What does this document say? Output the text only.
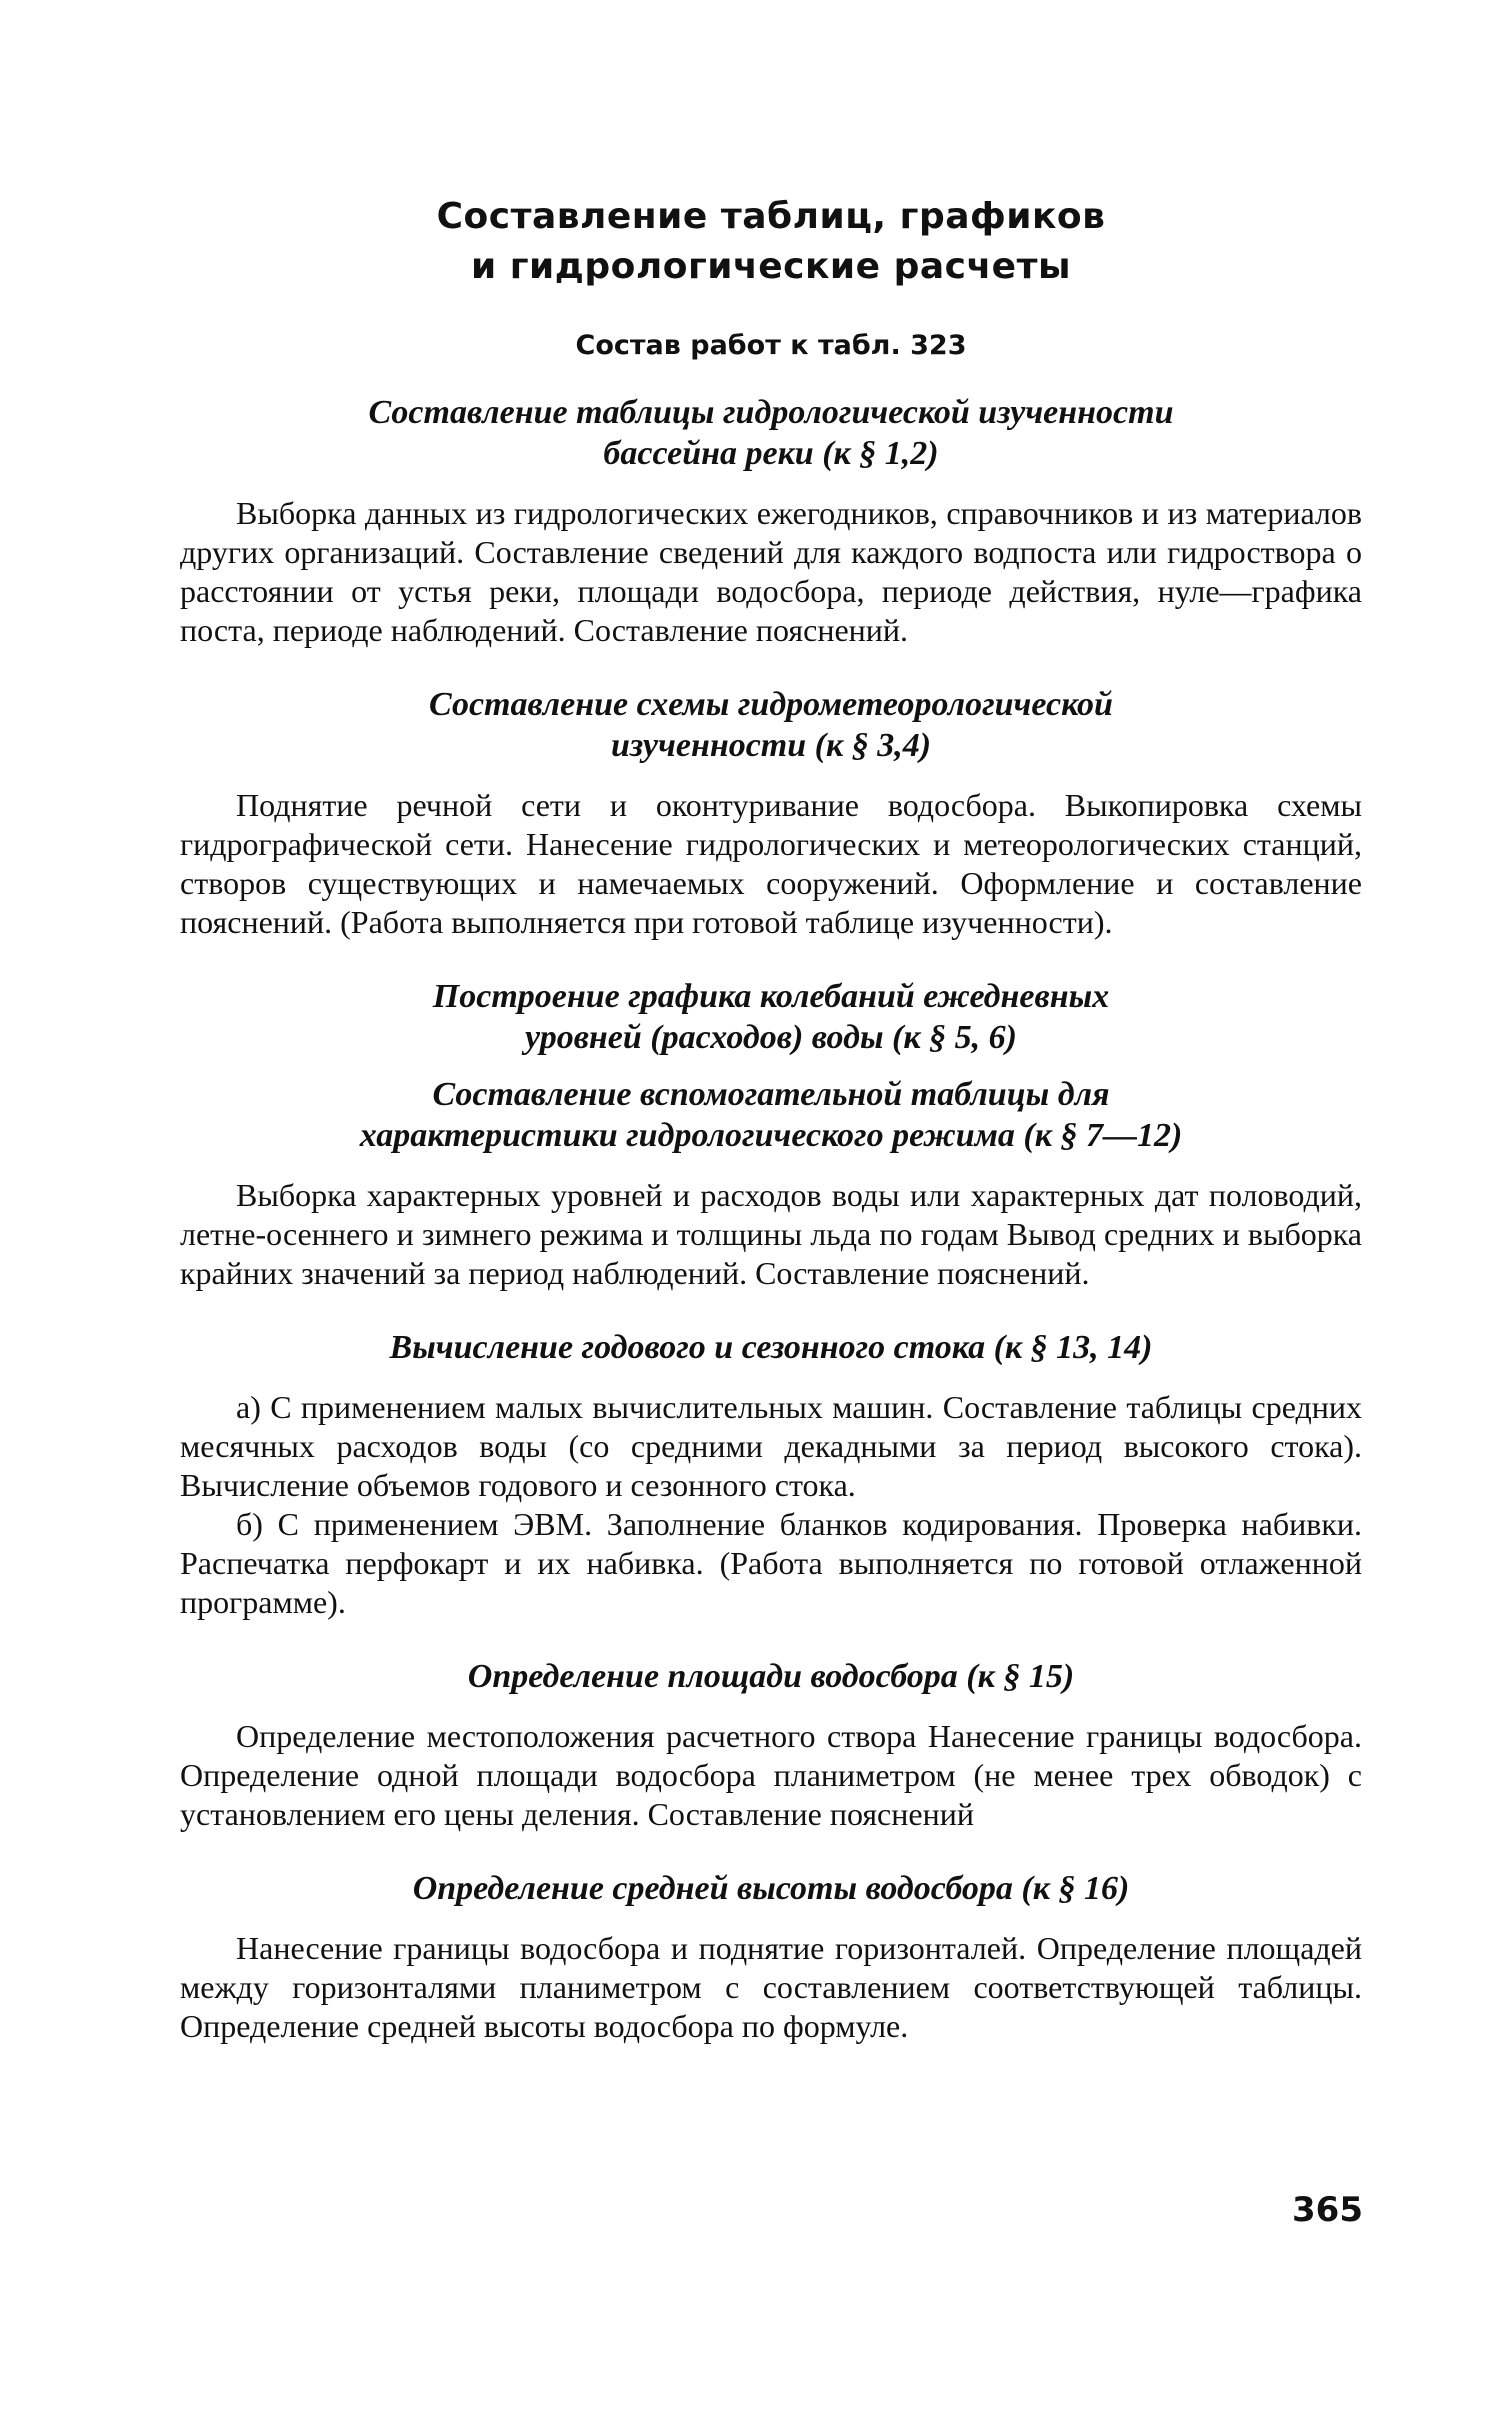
Составление таблиц, графиков
и гидрологические расчеты
Состав работ к табл. 323
Составление таблицы гидрологической изученности
бассейна реки (к § 1,2)

Выборка данных из гидрологических ежегодников, справочников и из материалов других организаций. Составление сведений для каждого водпоста или гидроствора о расстоянии от устья реки, площади водосбора, периоде действия, нуле—графика поста, периоде наблюдений. Составление пояснений.

Составление схемы гидрометеорологической
изученности (к § 3,4)

Поднятие речной сети и оконтуривание водосбора. Выкопировка схемы гидрографической сети. Нанесение гидрологических и метеорологических станций, створов существующих и намечаемых сооружений. Оформление и составление пояснений. (Работа выполняется при готовой таблице изученности).

Построение графика колебаний ежедневных
уровней (расходов) воды (к § 5, 6)
Составление вспомогательной таблицы для
характеристики гидрологического режима (к § 7—12)

Выборка характерных уровней и расходов воды или характерных дат половодий, летне-осеннего и зимнего режима и толщины льда по годам Вывод средних и выборка крайних значений за период наблюдений. Составление пояснений.

Вычисление годового и сезонного стока (к § 13, 14)

а) С применением малых вычислительных машин. Составление таблицы средних месячных расходов воды (со средними декадными за период высокого стока). Вычисление объемов годового и сезонного стока.

б) С применением ЭВМ. Заполнение бланков кодирования. Проверка набивки. Распечатка перфокарт и их набивка. (Работа выполняется по готовой отлаженной программе).

Определение площади водосбора (к § 15)

Определение местоположения расчетного створа Нанесение границы водосбора. Определение одной площади водосбора планиметром (не менее трех обводок) с установлением его цены деления. Составление пояснений

Определение средней высоты водосбора (к § 16)

Нанесение границы водосбора и поднятие горизонталей. Определение площадей между горизонталями планиметром с составлением соответствующей таблицы. Определение средней высоты водосбора по формуле.

365
